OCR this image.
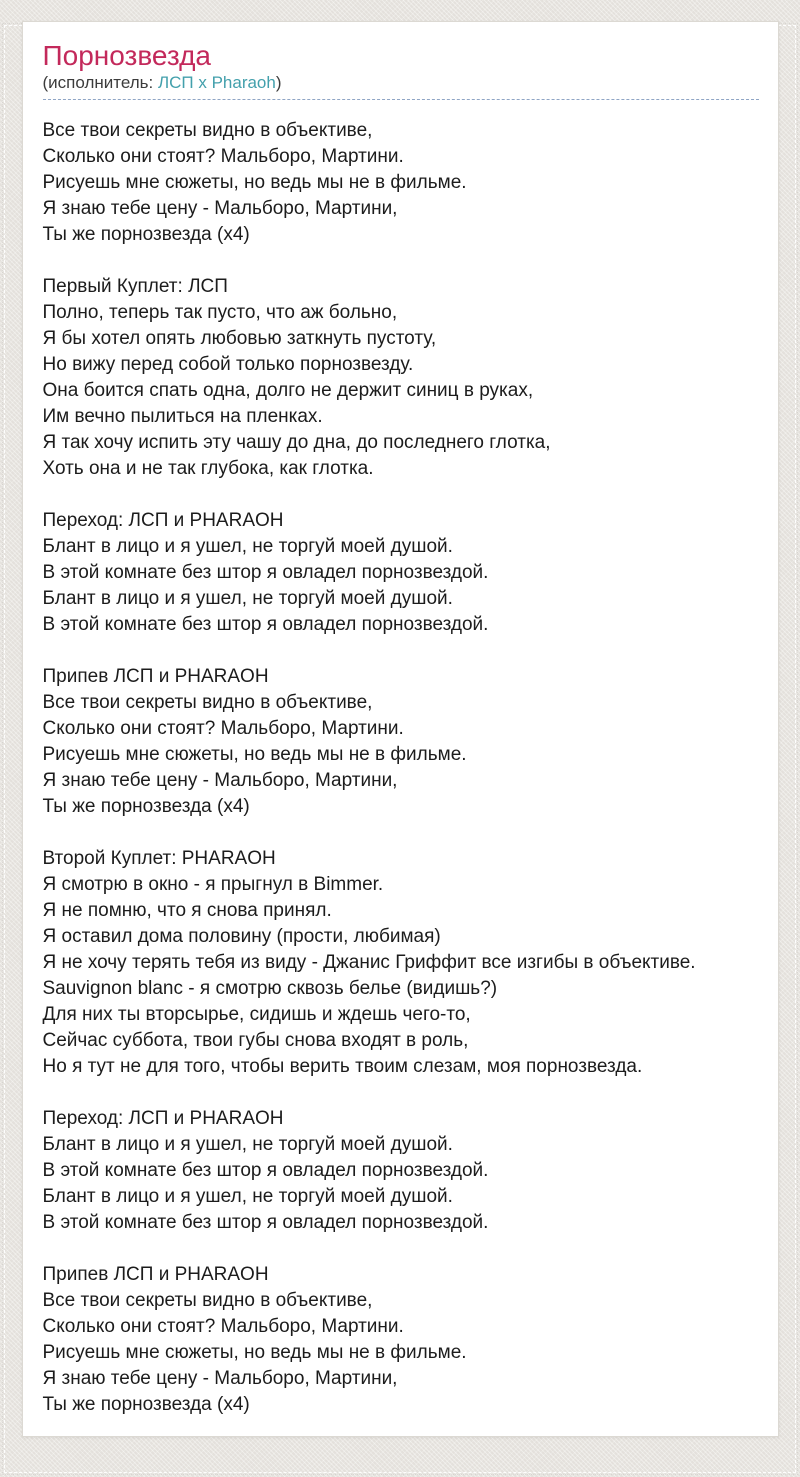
Порнозвезда
(исполнитель: ЛСП x Pharaoh)

Все твои секреты видно в объективе,
Сколько они стоят? Мальборо, Мартини.
Рисуешь мне сюжеты, но ведь мы не в фильме.
Я знаю тебе цену - Мальборо, Мартини,
Ты же порнозвезда (х4)

Первый Куплет: ЛСП
Полно, теперь так пусто, что аж больно,
Я бы хотел опять любовью заткнуть пустоту,
Но вижу перед собой только порнозвезду.
Она боится спать одна, долго не держит синиц в руках,
Им вечно пылиться на пленках.
Я так хочу испить эту чашу до дна, до последнего глотка,
Хоть она и не так глубока, как глотка.

Переход: ЛСП и PHARAOH
Блант в лицо и я ушел, не торгуй моей душой.
В этой комнате без штор я овладел порнозвездой.
Блант в лицо и я ушел, не торгуй моей душой.
В этой комнате без штор я овладел порнозвездой.

Припев ЛСП и PHARAOH
Все твои секреты видно в объективе,
Сколько они стоят? Мальборо, Мартини.
Рисуешь мне сюжеты, но ведь мы не в фильме.
Я знаю тебе цену - Мальборо, Мартини,
Ты же порнозвезда (х4)

Второй Куплет: PHARAOH
Я смотрю в окно - я прыгнул в Bimmer.
Я не помню, что я снова принял.
Я оставил дома половину (прости, любимая)
Я не хочу терять тебя из виду - Джанис Гриффит все изгибы в объективе.
Sauvignon blanc - я смотрю сквозь белье (видишь?)
Для них ты вторсырье, сидишь и ждешь чего-то,
Сейчас суббота, твои губы снова входят в роль,
Но я тут не для того, чтобы верить твоим слезам, моя порнозвезда.

Переход: ЛСП и PHARAOH
Блант в лицо и я ушел, не торгуй моей душой.
В этой комнате без штор я овладел порнозвездой.
Блант в лицо и я ушел, не торгуй моей душой.
В этой комнате без штор я овладел порнозвездой.

Припев ЛСП и PHARAOH
Все твои секреты видно в объективе,
Сколько они стоят? Мальборо, Мартини.
Рисуешь мне сюжеты, но ведь мы не в фильме.
Я знаю тебе цену - Мальборо, Мартини,
Ты же порнозвезда (х4)
